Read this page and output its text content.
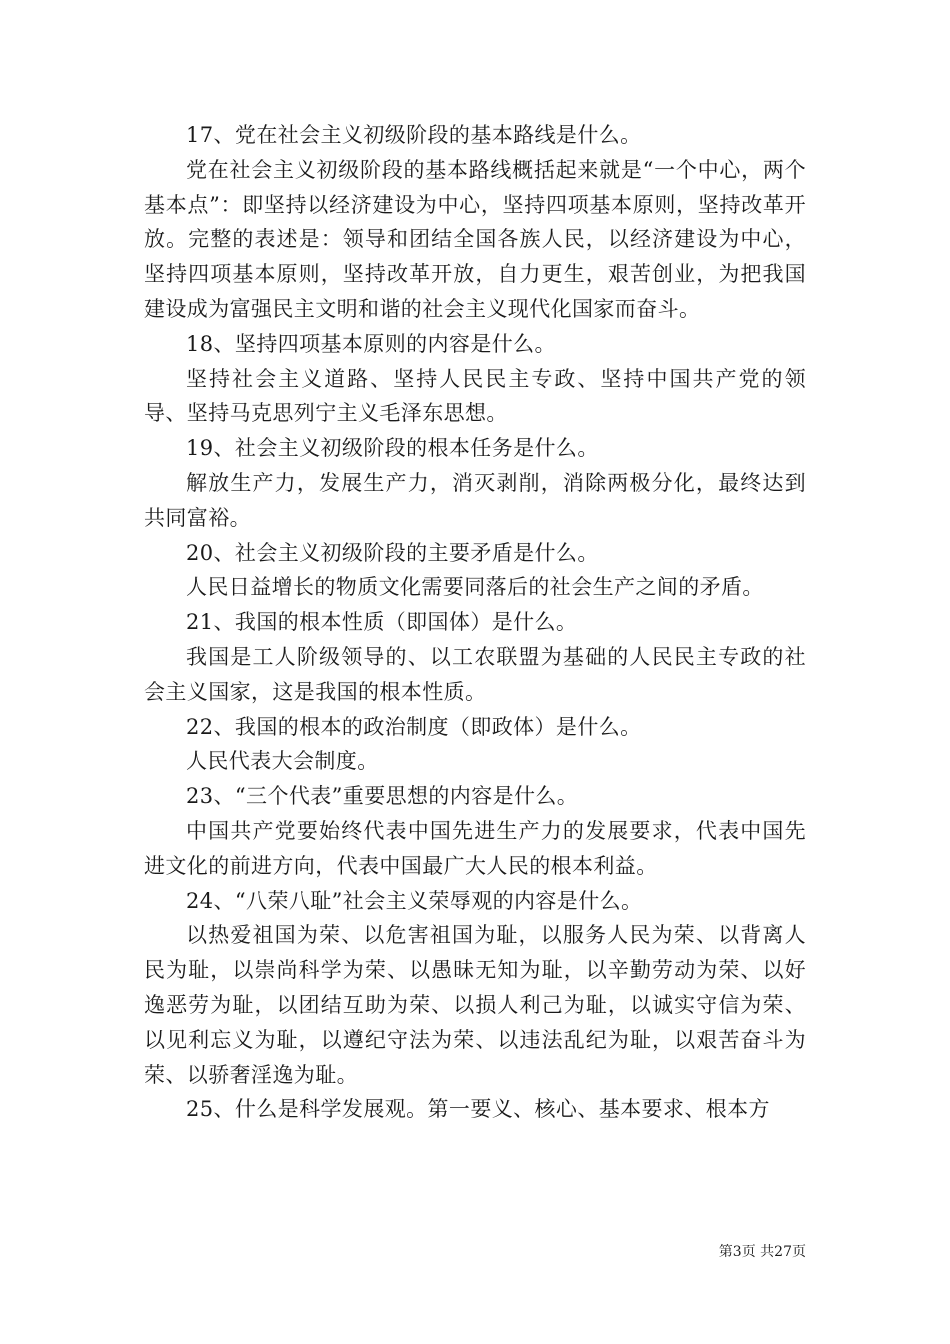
17、党在社会主义初级阶段的基本路线是什么。

党在社会主义初级阶段的基本路线概括起来就是“一个中心，两个基本点”：即坚持以经济建设为中心，坚持四项基本原则，坚持改革开放。完整的表述是：领导和团结全国各族人民，以经济建设为中心，坚持四项基本原则，坚持改革开放，自力更生，艰苦创业，为把我国建设成为富强民主文明和谐的社会主义现代化国家而奋斗。

18、坚持四项基本原则的内容是什么。

坚持社会主义道路、坚持人民民主专政、坚持中国共产党的领导、坚持马克思列宁主义毛泽东思想。

19、社会主义初级阶段的根本任务是什么。

解放生产力，发展生产力，消灭剥削，消除两极分化，最终达到共同富裕。

20、社会主义初级阶段的主要矛盾是什么。

人民日益增长的物质文化需要同落后的社会生产之间的矛盾。

21、我国的根本性质（即国体）是什么。

我国是工人阶级领导的、以工农联盟为基础的人民民主专政的社会主义国家，这是我国的根本性质。

22、我国的根本的政治制度（即政体）是什么。

人民代表大会制度。

23、“三个代表”重要思想的内容是什么。

中国共产党要始终代表中国先进生产力的发展要求，代表中国先进文化的前进方向，代表中国最广大人民的根本利益。

24、“八荣八耻”社会主义荣辱观的内容是什么。

以热爱祖国为荣、以危害祖国为耻，以服务人民为荣、以背离人民为耻，以崇尚科学为荣、以愚昧无知为耻，以辛勤劳动为荣、以好逸恶劳为耻，以团结互助为荣、以损人利己为耻，以诚实守信为荣、以见利忘义为耻，以遵纪守法为荣、以违法乱纪为耻，以艰苦奋斗为荣、以骄奢淫逸为耻。

25、什么是科学发展观。第一要义、核心、基本要求、根本方

第3页 共27页
